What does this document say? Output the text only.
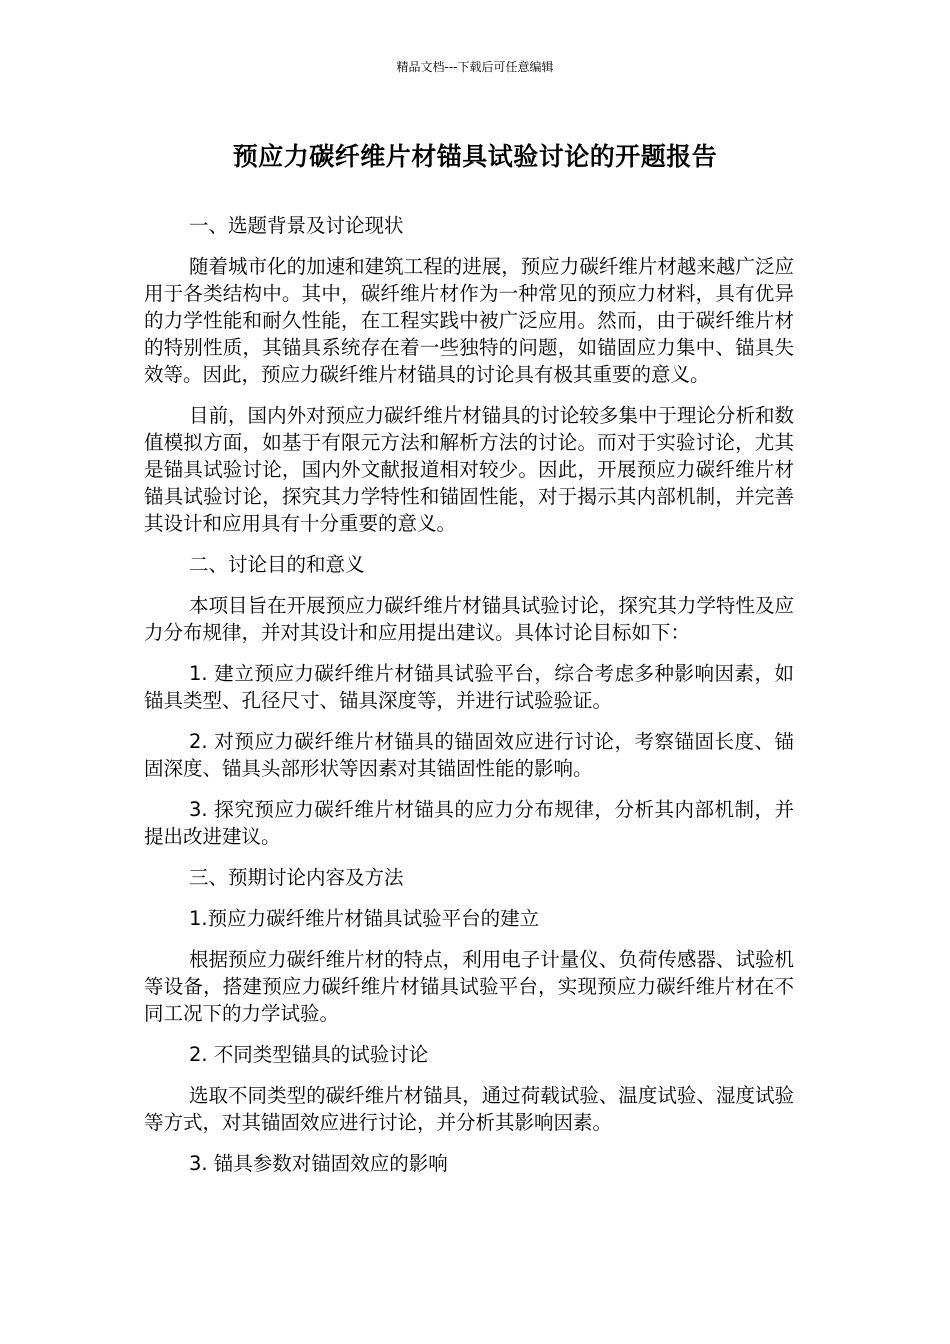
精品文档---下载后可任意编辑
预应力碳纤维片材锚具试验讨论的开题报告

一、选题背景及讨论现状

随着城市化的加速和建筑工程的进展，预应力碳纤维片材越来越广泛应用于各类结构中。其中，碳纤维片材作为一种常见的预应力材料，具有优异的力学性能和耐久性能，在工程实践中被广泛应用。然而，由于碳纤维片材的特别性质，其锚具系统存在着一些独特的问题，如锚固应力集中、锚具失效等。因此，预应力碳纤维片材锚具的讨论具有极其重要的意义。

目前，国内外对预应力碳纤维片材锚具的讨论较多集中于理论分析和数值模拟方面，如基于有限元方法和解析方法的讨论。而对于实验讨论，尤其是锚具试验讨论，国内外文献报道相对较少。因此，开展预应力碳纤维片材锚具试验讨论，探究其力学特性和锚固性能，对于揭示其内部机制，并完善其设计和应用具有十分重要的意义。

二、讨论目的和意义

本项目旨在开展预应力碳纤维片材锚具试验讨论，探究其力学特性及应力分布规律，并对其设计和应用提出建议。具体讨论目标如下：

1. 建立预应力碳纤维片材锚具试验平台，综合考虑多种影响因素，如锚具类型、孔径尺寸、锚具深度等，并进行试验验证。

2. 对预应力碳纤维片材锚具的锚固效应进行讨论，考察锚固长度、锚固深度、锚具头部形状等因素对其锚固性能的影响。

3. 探究预应力碳纤维片材锚具的应力分布规律，分析其内部机制，并提出改进建议。

三、预期讨论内容及方法

1.预应力碳纤维片材锚具试验平台的建立

根据预应力碳纤维片材的特点，利用电子计量仪、负荷传感器、试验机等设备，搭建预应力碳纤维片材锚具试验平台，实现预应力碳纤维片材在不同工况下的力学试验。

2. 不同类型锚具的试验讨论

选取不同类型的碳纤维片材锚具，通过荷载试验、温度试验、湿度试验等方式，对其锚固效应进行讨论，并分析其影响因素。

3. 锚具参数对锚固效应的影响
